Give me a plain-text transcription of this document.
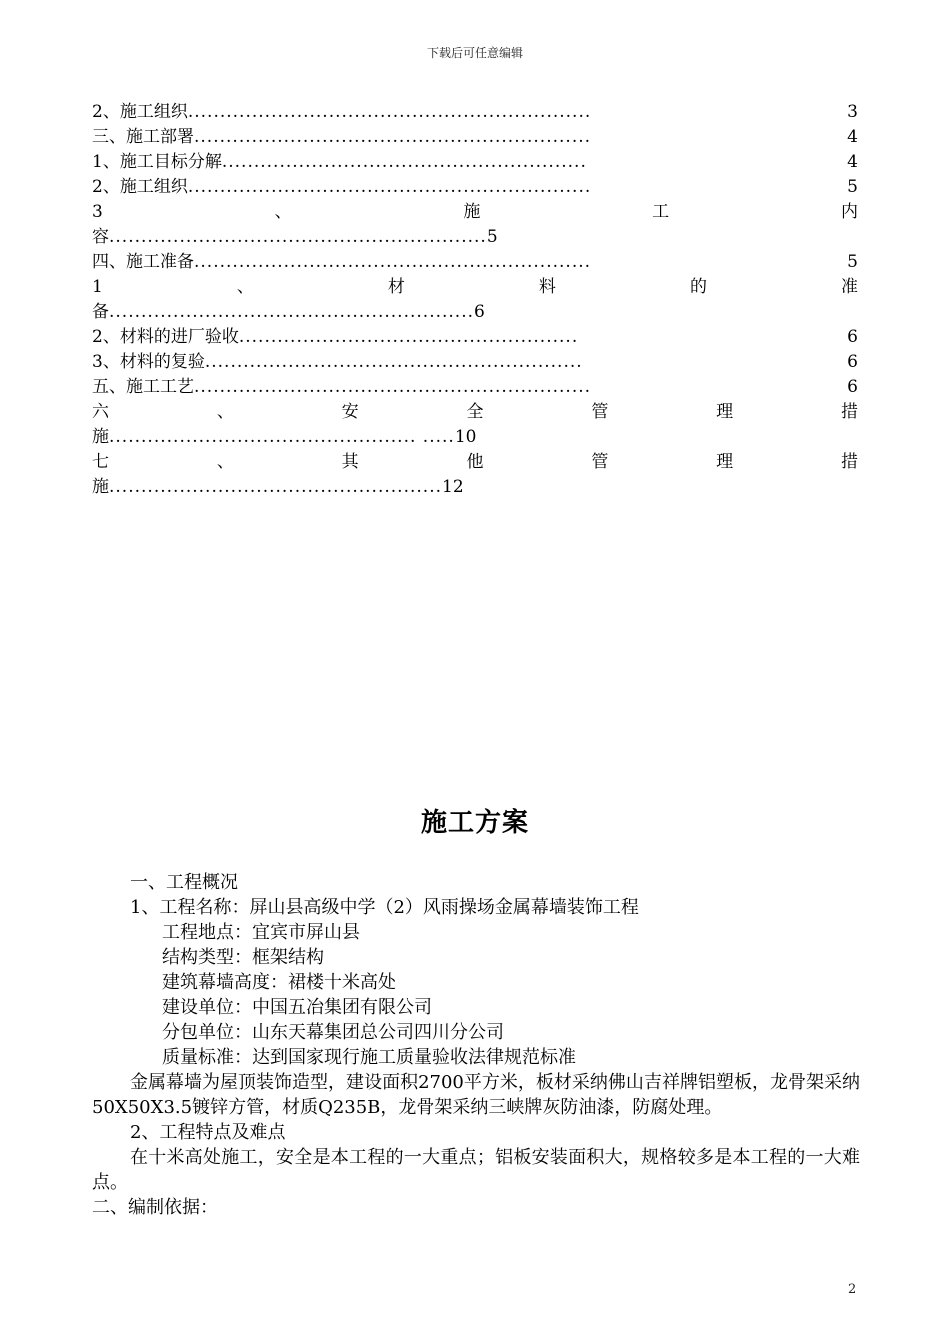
下载后可任意编辑
2、施工组织 ...............................................................	3
三、施工部署 ..............................................................	4
1、施工目标分解 .........................................................	4
2、施工组织 ...............................................................	5
3	、	施	工	内
容 ........................................................... 5
四、施工准备 ..............................................................	5
1	、	材	料	的	准
备 ......................................................... 6
2、材料的进厂验收 .....................................................	6
3、材料的复验 ...........................................................	6
五、施工工艺 ..............................................................	6
六	、	安	全	管	理	措
施 ................................................ ..... 10
七	、	其	他	管	理	措
施 .................................................... 12
施工方案
一、工程概况
1、工程名称：屏山县高级中学（2）风雨操场金属幕墙装饰工程
工程地点：宜宾市屏山县
结构类型：框架结构
建筑幕墙高度：裙楼十米高处
建设单位：中国五冶集团有限公司
分包单位：山东天幕集团总公司四川分公司
质量标准：达到国家现行施工质量验收法律规范标准
金属幕墙为屋顶装饰造型，建设面积2700平方米，板材采纳佛山吉祥牌铝塑板，龙骨架采纳50X50X3.5镀锌方管，材质Q235B，龙骨架采纳三峡牌灰防油漆，防腐处理。
2、工程特点及难点
在十米高处施工，安全是本工程的一大重点；铝板安装面积大，规格较多是本工程的一大难点。
二、编制依据：
2
